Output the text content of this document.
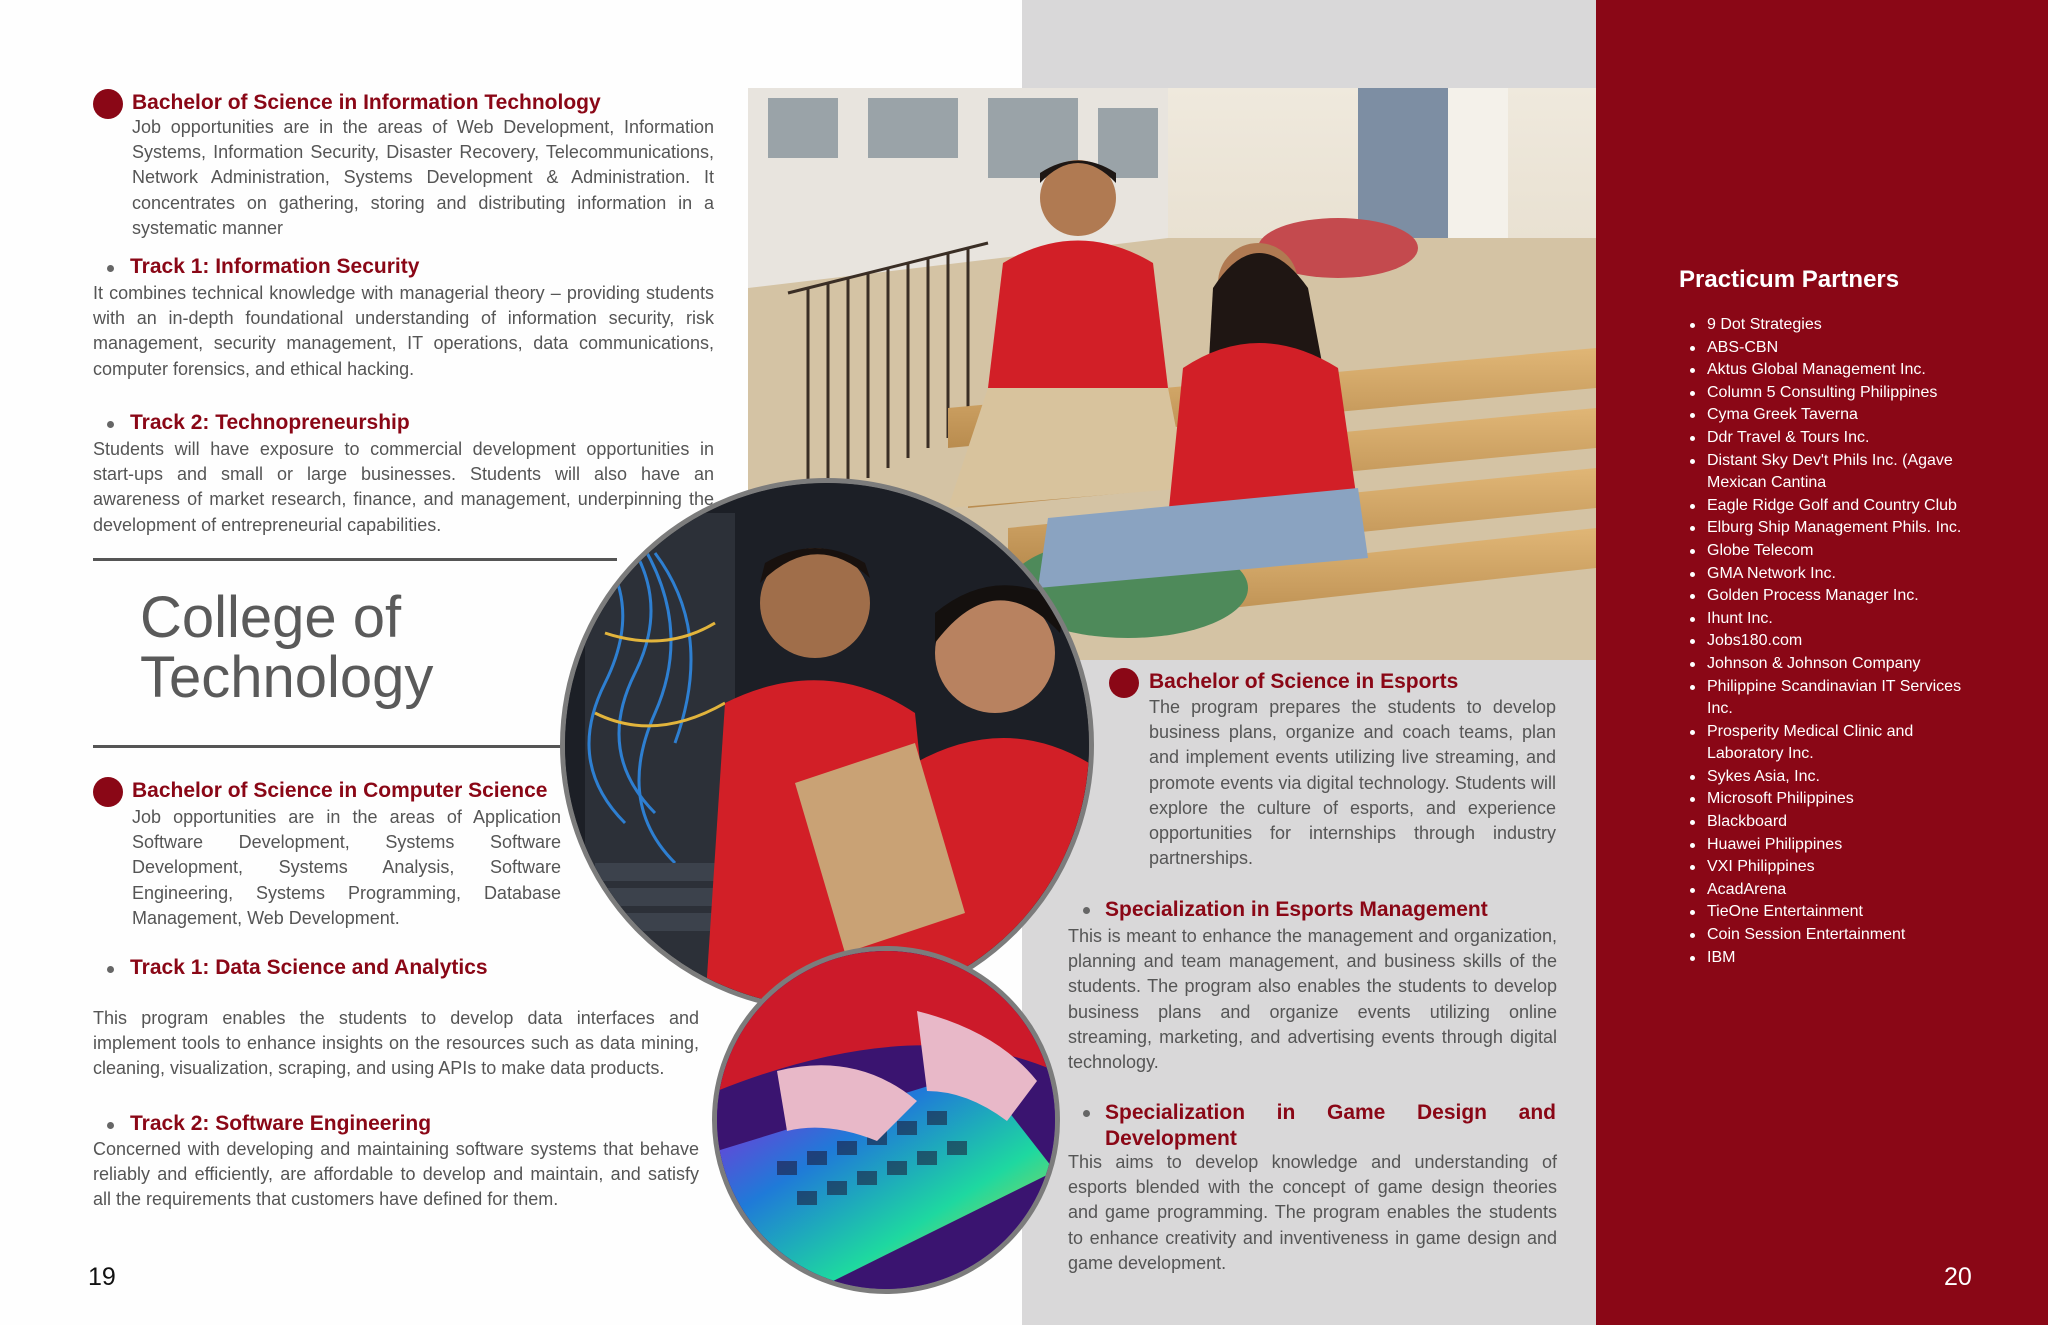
Bachelor of Science in Information Technology
Job opportunities are in the areas of Web Development, Information Systems, Information Security, Disaster Recovery, Telecommunications, Network Administration, Systems Development & Administration. It concentrates on gathering, storing and distributing information in a systematic manner
Track 1: Information Security
It combines technical knowledge with managerial theory – providing students with an in-depth foundational understanding of information security, risk management, security management, IT operations, data communications, computer forensics, and ethical hacking.
Track 2: Technopreneurship
Students will have exposure to commercial development opportunities in start-ups and small or large businesses. Students will also have an awareness of market research, finance, and management, underpinning the development of entrepreneurial capabilities.
College of
Technology
Bachelor of Science in Computer Science
Job opportunities are in the areas of Application Software Development, Systems Software Development, Systems Analysis, Software Engineering, Systems Programming, Database Management, Web Development.
Track 1: Data Science and Analytics
This program enables the students to develop data interfaces and implement tools to enhance insights on the resources such as data mining, cleaning, visualization, scraping, and using APIs to make data products.
Track 2: Software Engineering
Concerned with developing and maintaining software systems that behave reliably and efficiently, are affordable to develop and maintain, and satisfy all the requirements that customers have defined for them.
19
Bachelor of Science in Esports
The program prepares the students to develop business plans, organize and coach teams, plan and implement events utilizing live streaming, and promote events via digital technology. Students will explore the culture of esports, and experience opportunities for internships through industry partnerships.
Specialization in Esports Management
This is meant to enhance the management and organization, planning and team management, and business skills of the students. The program also enables the students to develop business plans and organize events utilizing online streaming, marketing, and advertising events through digital technology.
Specialization in Game Design and Development
This aims to develop knowledge and understanding of esports blended with the concept of game design theories and game programming. The program enables the students to enhance creativity and inventiveness in game design and game development.
Practicum Partners
9 Dot Strategies
ABS-CBN
Aktus Global Management Inc.
Column 5 Consulting Philippines
Cyma Greek Taverna
Ddr Travel & Tours Inc.
Distant Sky Dev't Phils Inc. (Agave Mexican Cantina
Eagle Ridge Golf and Country Club
Elburg Ship Management Phils. Inc.
Globe Telecom
GMA Network Inc.
Golden Process Manager Inc.
Ihunt Inc.
Jobs180.com
Johnson & Johnson Company
Philippine Scandinavian IT Services Inc.
Prosperity Medical Clinic and Laboratory Inc.
Sykes Asia, Inc.
Microsoft Philippines
Blackboard
Huawei Philippines
VXI Philippines
AcadArena
TieOne Entertainment
Coin Session Entertainment
IBM
20
